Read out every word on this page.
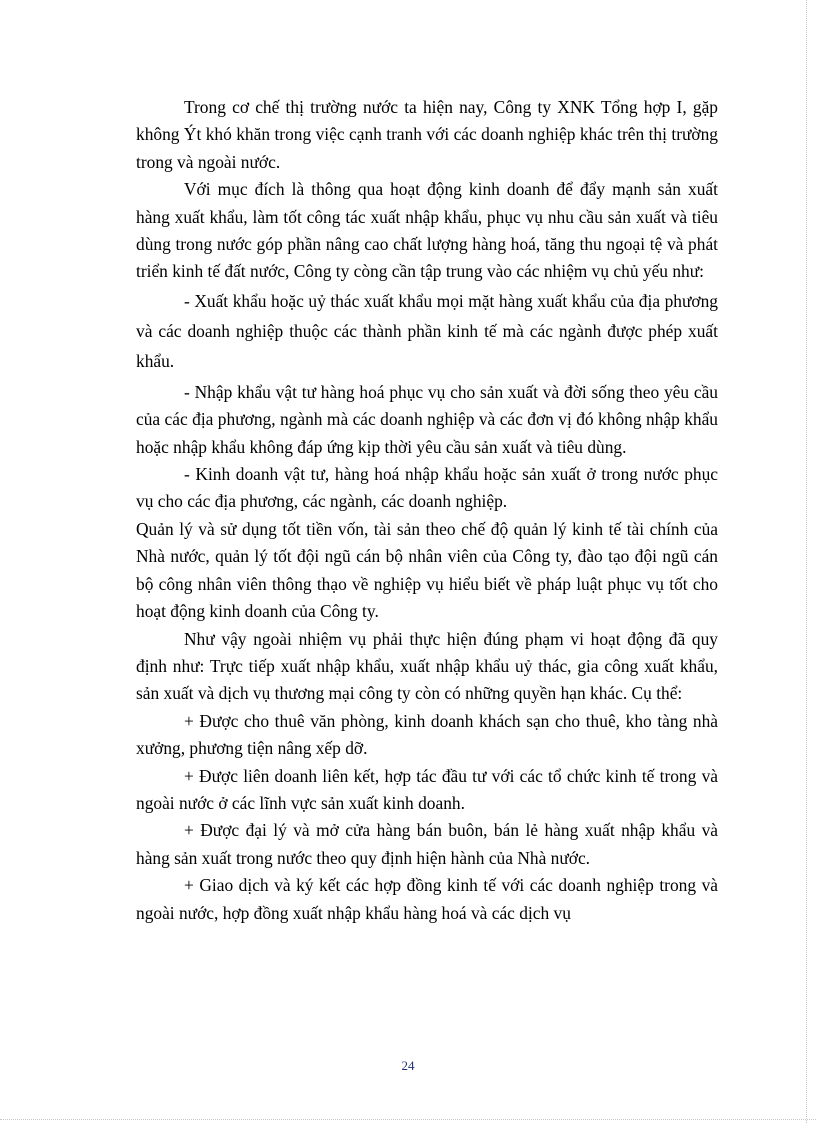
Trong cơ chế thị trường nước ta hiện nay, Công ty XNK Tổng hợp I, gặp không Ýt khó khăn trong việc cạnh tranh với các doanh nghiệp khác trên thị trường trong và ngoài nước.

Với mục đích là thông qua hoạt động kinh doanh để đẩy mạnh sản xuất hàng xuất khẩu, làm tốt công tác xuất nhập khẩu, phục vụ nhu cầu sản xuất và tiêu dùng trong nước góp phần nâng cao chất lượng hàng hoá, tăng thu ngoại tệ và phát triển kinh tế đất nước, Công ty còng cần tập trung vào các nhiệm vụ chủ yếu như:

- Xuất khẩu hoặc uỷ thác xuất khẩu mọi mặt hàng xuất khẩu của địa phương và các doanh nghiệp thuộc các thành phần kinh tế mà các ngành được phép xuất khẩu.

- Nhập khẩu vật tư hàng hoá phục vụ cho sản xuất và đời sống theo yêu cầu của các địa phương, ngành mà các doanh nghiệp và các đơn vị đó không nhập khẩu hoặc nhập khẩu không đáp ứng kịp thời yêu cầu sản xuất và tiêu dùng.

- Kinh doanh vật tư, hàng hoá nhập khẩu hoặc sản xuất ở trong nước phục vụ cho các địa phương, các ngành, các doanh nghiệp.

Quản lý và sử dụng tốt tiền vốn, tài sản theo chế độ quản lý kinh tế tài chính của Nhà nước, quản lý tốt đội ngũ cán bộ nhân viên của Công ty, đào tạo đội ngũ cán bộ công nhân viên thông thạo về nghiệp vụ hiểu biết về pháp luật phục vụ tốt cho hoạt động kinh doanh của Công ty.

Như vậy ngoài nhiệm vụ phải thực hiện đúng phạm vi hoạt động đã quy định như: Trực tiếp xuất nhập khẩu, xuất nhập khẩu uỷ thác, gia công xuất khẩu, sản xuất và dịch vụ thương mại công ty còn có những quyền hạn khác. Cụ thể:

+ Được cho thuê văn phòng, kinh doanh khách sạn cho thuê, kho tàng nhà xưởng, phương tiện nâng xếp dỡ.

+ Được liên doanh liên kết, hợp tác đầu tư với các tổ chức kinh tế trong và ngoài nước ở các lĩnh vực sản xuất kinh doanh.

+ Được đại lý và mở cửa hàng bán buôn, bán lẻ hàng xuất nhập khẩu và hàng sản xuất trong nước theo quy định hiện hành của Nhà nước.

+ Giao dịch và ký kết các hợp đồng kinh tế với các doanh nghiệp trong và ngoài nước, hợp đồng xuất nhập khẩu hàng hoá và các dịch vụ

24
